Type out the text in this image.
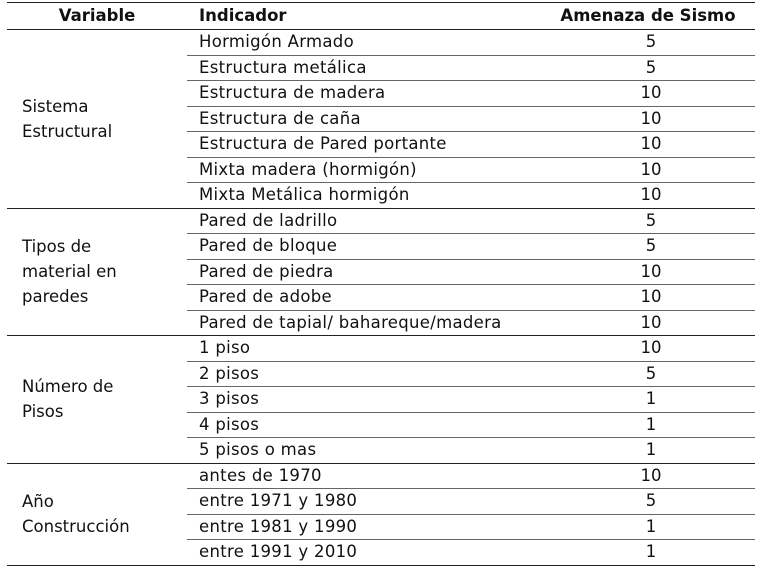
Variable	Indicador	Amenaza de Sismo

Sistema
Estructural	Hormigón Armado	5
	Estructura metálica	5
	Estructura de madera	10
	Estructura de caña	10
	Estructura de Pared portante	10
	Mixta madera (hormigón)	10
	Mixta Metálica hormigón	10

Tipos de
material en
paredes	Pared de ladrillo	5
	Pared de bloque	5
	Pared de piedra	10
	Pared de adobe	10
	Pared de tapial/ bahareque/madera	10

Número de
Pisos	1 piso	10
	2 pisos	5
	3 pisos	1
	4 pisos	1
	5 pisos o mas	1

Año
Construcción	antes de 1970	10
	entre 1971 y 1980	5
	entre 1981 y 1990	1
	entre 1991 y 2010	1
